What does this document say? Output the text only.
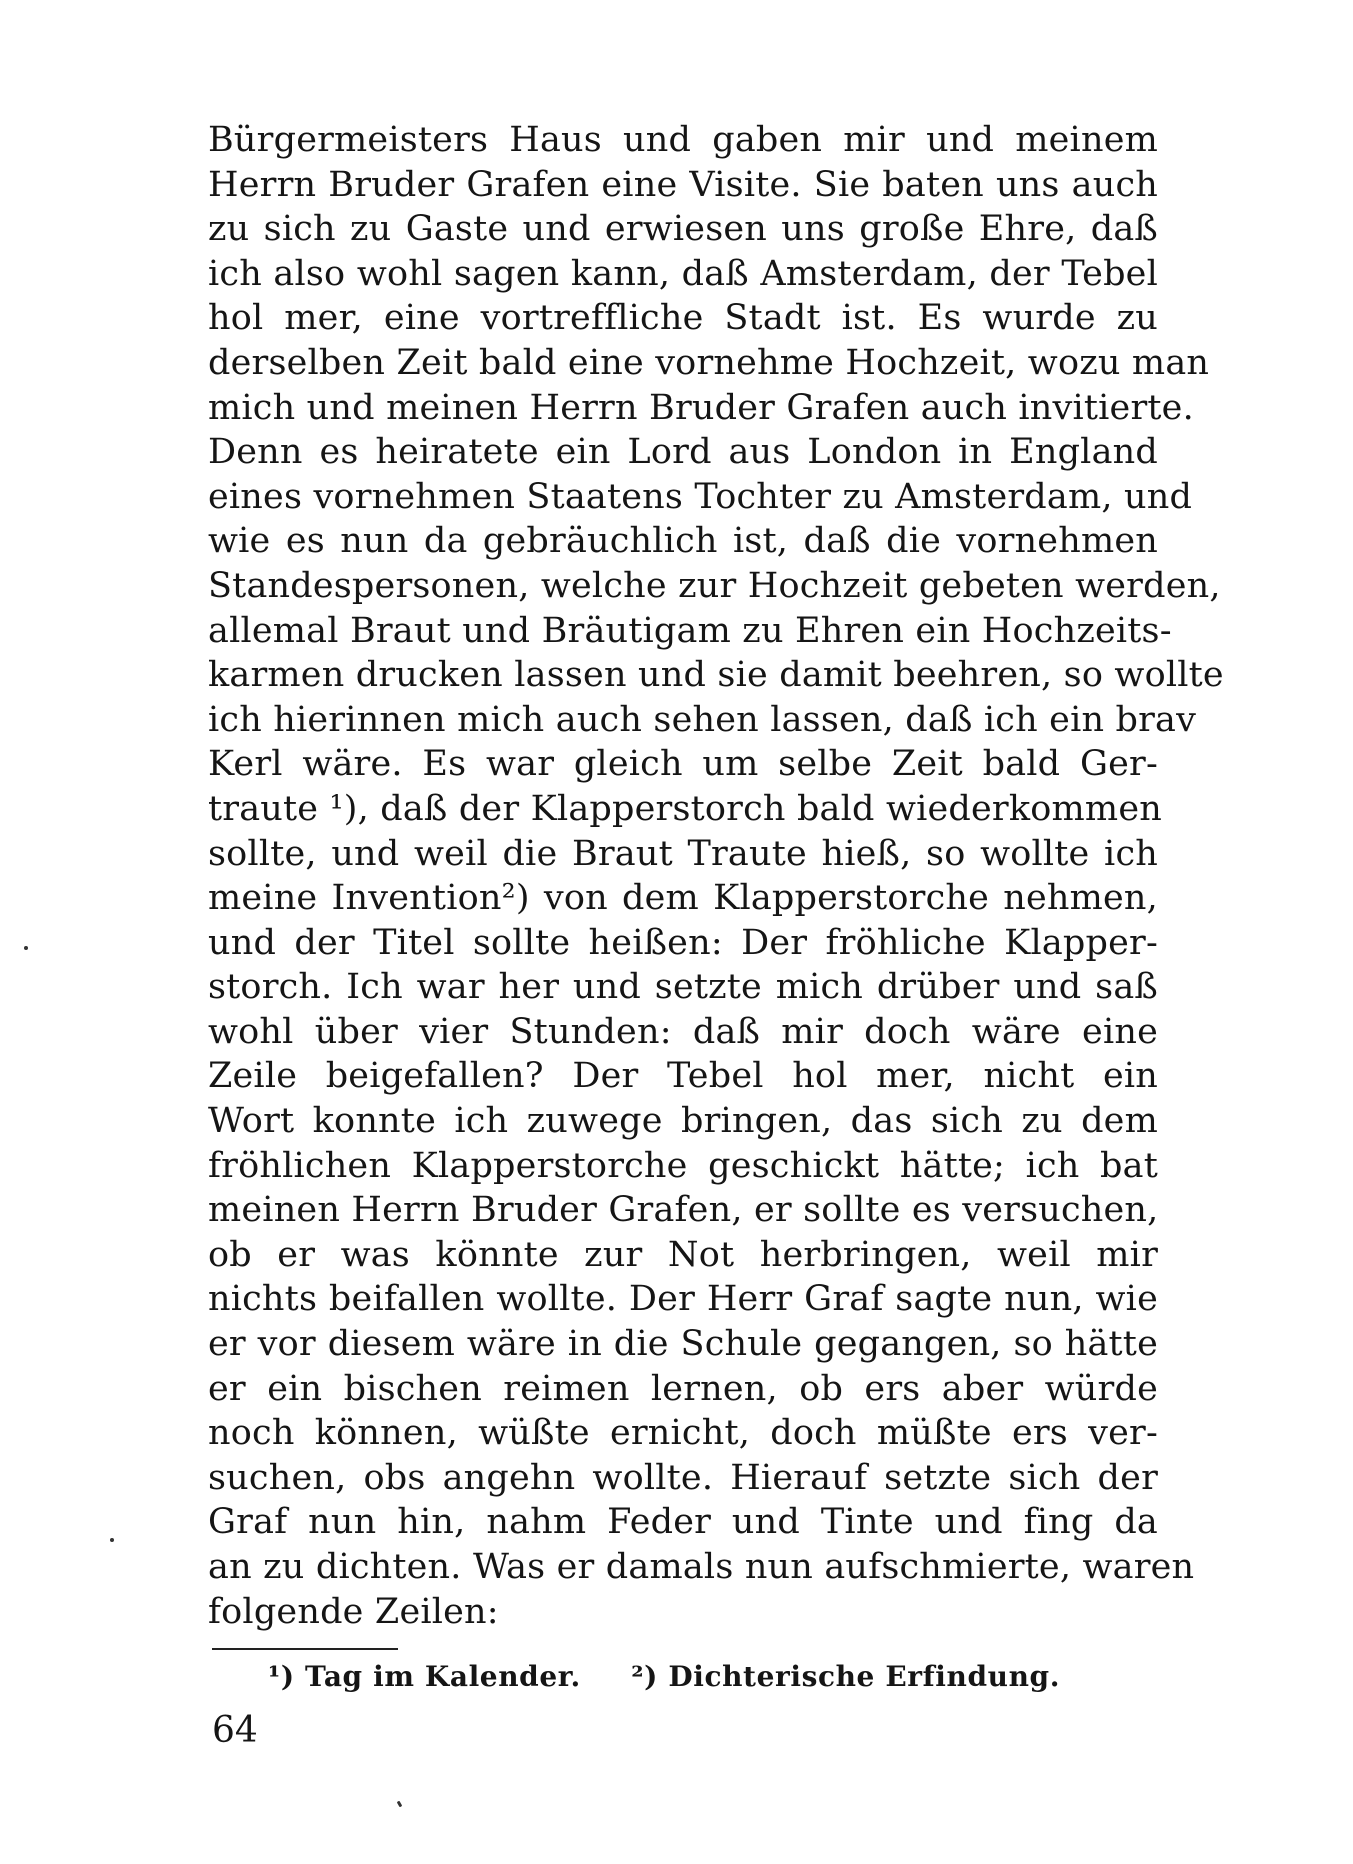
Bürgermeisters Haus und gaben mir und meinem
Herrn Bruder Grafen eine Visite. Sie baten uns auch
zu sich zu Gaste und erwiesen uns große Ehre, daß
ich also wohl sagen kann, daß Amsterdam, der Tebel
hol mer, eine vortreffliche Stadt ist. Es wurde zu
derselben Zeit bald eine vornehme Hochzeit, wozu man
mich und meinen Herrn Bruder Grafen auch invitierte.
Denn es heiratete ein Lord aus London in England
eines vornehmen Staatens Tochter zu Amsterdam, und
wie es nun da gebräuchlich ist, daß die vornehmen
Standespersonen, welche zur Hochzeit gebeten werden,
allemal Braut und Bräutigam zu Ehren ein Hochzeits-
karmen drucken lassen und sie damit beehren, so wollte
ich hierinnen mich auch sehen lassen, daß ich ein brav
Kerl wäre. Es war gleich um selbe Zeit bald Ger-
traute ¹), daß der Klapperstorch bald wiederkommen
sollte, und weil die Braut Traute hieß, so wollte ich
meine Invention²) von dem Klapperstorche nehmen,
und der Titel sollte heißen: Der fröhliche Klapper-
storch. Ich war her und setzte mich drüber und saß
wohl über vier Stunden: daß mir doch wäre eine
Zeile beigefallen? Der Tebel hol mer, nicht ein
Wort konnte ich zuwege bringen, das sich zu dem
fröhlichen Klapperstorche geschickt hätte; ich bat
meinen Herrn Bruder Grafen, er sollte es versuchen,
ob er was könnte zur Not herbringen, weil mir
nichts beifallen wollte. Der Herr Graf sagte nun, wie
er vor diesem wäre in die Schule gegangen, so hätte
er ein bischen reimen lernen, ob ers aber würde
noch können, wüßte ernicht, doch müßte ers ver-
suchen, obs angehn wollte. Hierauf setzte sich der
Graf nun hin, nahm Feder und Tinte und fing da
an zu dichten. Was er damals nun aufschmierte, waren
folgende Zeilen:
¹) Tag im Kalender. ²) Dichterische Erfindung.
64
